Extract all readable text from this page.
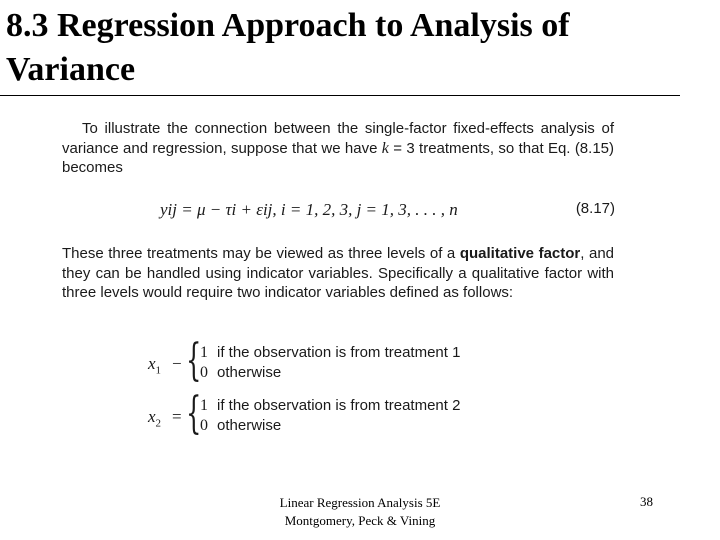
8.3 Regression Approach to Analysis of Variance
To illustrate the connection between the single-factor fixed-effects analysis of variance and regression, suppose that we have k = 3 treatments, so that Eq. (8.15) becomes
yij = μ − τi + εij, i = 1, 2, 3, j = 1, 3, . . . , n	(8.17)
These three treatments may be viewed as three levels of a qualitative factor, and they can be handled using indicator variables. Specifically a qualitative factor with three levels would require two indicator variables defined as follows:
$x_1$ − {
1 if the observation is from treatment 1
0 otherwise
$x_2$ = {
1 if the observation is from treatment 2
0 otherwise
Linear Regression Analysis 5E
Montgomery, Peck & Vining
38
